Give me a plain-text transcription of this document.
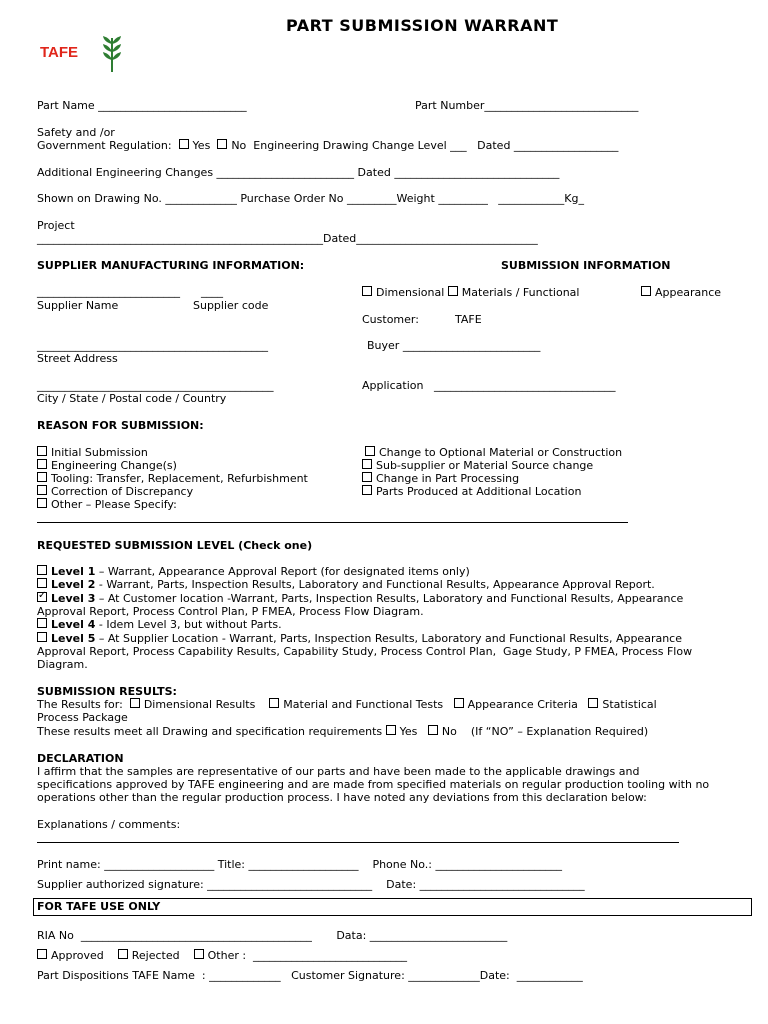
PART SUBMISSION WARRANT
TAFE
Part Name ___________________________	Part Number____________________________
Safety and /or
Government Regulation: Yes No Engineering Drawing Change Level ___   Dated ___________________
Additional Engineering Changes _________________________ Dated ______________________________
Shown on Drawing No. _____________ Purchase Order No _________Weight _________   ____________Kg_
Project
____________________________________________________Dated_________________________________
SUPPLIER MANUFACTURING INFORMATION:	SUBMISSION INFORMATION
__________________________      ____
Supplier Name	Supplier code
Dimensional Materials / Functional	Appearance
Customer:	TAFE
__________________________________________	Buyer _________________________
Street Address
___________________________________________	Application   _________________________________
City / State / Postal code / Country
REASON FOR SUBMISSION:
Initial Submission
Engineering Change(s)
Tooling: Transfer, Replacement, Refurbishment
Correction of Discrepancy
Other – Please Specify:
Change to Optional Material or Construction
Sub-supplier or Material Source change
Change in Part Processing
Parts Produced at Additional Location
REQUESTED SUBMISSION LEVEL (Check one)
Level 1 – Warrant, Appearance Approval Report (for designated items only)
Level 2 - Warrant, Parts, Inspection Results, Laboratory and Functional Results, Appearance Approval Report.
✓Level 3 – At Customer location -Warrant, Parts, Inspection Results, Laboratory and Functional Results, Appearance
Approval Report, Process Control Plan, P FMEA, Process Flow Diagram.
Level 4 - Idem Level 3, but without Parts.
Level 5 – At Supplier Location - Warrant, Parts, Inspection Results, Laboratory and Functional Results, Appearance
Approval Report, Process Capability Results, Capability Study, Process Control Plan,  Gage Study, P FMEA, Process Flow
Diagram.
SUBMISSION RESULTS:
The Results for: Dimensional Results	Material and Functional Tests Appearance Criteria Statistical
Process Package
These results meet all Drawing and specification requirements Yes No (If “NO” – Explanation Required)
DECLARATION
I affirm that the samples are representative of our parts and have been made to the applicable drawings and
specifications approved by TAFE engineering and are made from specified materials on regular production tooling with no
operations other than the regular production process. I have noted any deviations from this declaration below:
Explanations / comments:
Print name: ____________________ Title: ____________________    Phone No.: _______________________
Supplier authorized signature: ______________________________    Date: ______________________________
FOR TAFE USE ONLY
RIA No  __________________________________________       Data: _________________________
Approved	Rejected	Other :  ____________________________
Part Dispositions TAFE Name  : _____________   Customer Signature: _____________Date:  ____________
